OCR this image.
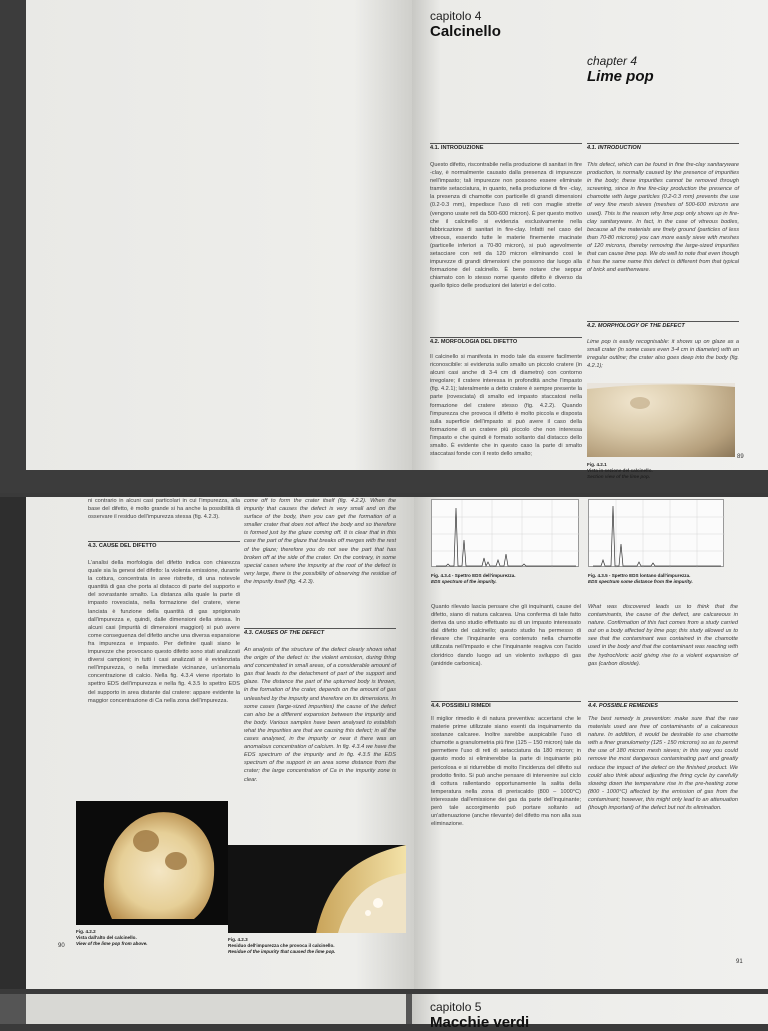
capitolo 4
Calcinello
chapter 4
Lime pop
4.1. INTRODUZIONE	4.1. INTRODUCTION
Questo difetto, riscontrabile nella produzione di sanitari in fire -clay, è normalmente causato dalla presenza di impurezze nell'impasto; tali impurezze non possono essere eliminate tramite setacciatura, in quanto, nella produzione di fire -clay, la presenza di chamotte con particelle di grandi dimensioni (0.2-0.3 mm), impedisce l'uso di reti con maglie strette (vengono usate reti da 500-600 micron). È per questo motivo che il calcinello si evidenzia esclusivamente nella fabbricazione di sanitari in fire-clay. Infatti nel caso del vitreous, essendo tutte le materie finemente macinate (particelle inferiori a 70-80 micron), si può agevolmente setacciare con reti da 120 micron eliminando così le impurezze di grandi dimensioni che possono dar luogo alla formazione del calcinello. È bene notare che seppur chiamato con lo stesso nome questo difetto è diverso da quello tipico delle produzioni dei laterizi e del cotto.
This defect, which can be found in fine fire-clay sanitaryware production, is normally caused by the presence of impurities in the body; these impurities cannot be removed through screening, since in fine fire-clay production the presence of chamotte with large particles (0.2-0.3 mm) prevents the use of very fine mesh sieves (meshes of 500-600 microns are used). This is the reason why lime pop only shows up in fire-clay sanitaryware. In fact, in the case of vitreous bodies, because all the materials are finely ground (particles of less than 70-80 microns) you can more easily sieve with meshes of 120 microns, thereby removing the large-sized impurities that can cause lime pop. We do well to note that even though it has the same name this defect is different from that typical of brick and earthenware.
4.2. MORFOLOGIA DEL DIFETTO
4.2. MORPHOLOGY OF THE DEFECT
Il calcinello si manifesta in modo tale da essere facilmente riconoscibile: si evidenzia sullo smalto un piccolo cratere (in alcuni casi anche di 3-4 cm di diametro) con contorno irregolare; il cratere interessa in profondità anche l'impasto (fig. 4.2.1); lateralmente a detto cratere è sempre presente la parte (rovesciata) di smalto ed impasto staccatosi nella formazione del cratere stesso (fig. 4.2.2). Quando l'impurezza che provoca il difetto è molto piccola e disposta sulla superficie dell'impasto si può avere il caso della formazione di un cratere più piccolo che non interessa l'impasto e che quindi è formato soltanto dal distacco dello smalto. È evidente che in questo caso la parte di smalto staccatasi fonde con il resto dello smalto;
Lime pop is easily recognisable: it shows up on glaze as a small crater (in some cases even 3-4 cm in diameter) with an irregular outline; the crater also goes deep into the body (fig. 4.2.1);
Fig. 4.2.1
Vista in sezione del calcinello.
Section view of the lime pop.
89
ni contrario in alcuni casi particolari in cui l'impurezza, alla base del difetto, è molto grande si ha anche la possibilità di osservare il residuo dell'impurezza stessa (fig. 4.2.3).
4.3. CAUSE DEL DIFETTO
L'analisi della morfologia del difetto indica con chiarezza quale sia la genesi del difetto: la violenta emissione, durante la cottura, concentrata in aree ristrette, di una notevole quantità di gas che porta al distacco di parte del supporto e del sovrastante smalto. La distanza alla quale la parte di impasto rovesciata, nella formazione del cratere, viene lanciata è funzione della quantità di gas sprigionato dall'impurezza e, quindi, dalle dimensioni della stessa. In alcuni casi (impurità di dimensioni maggiori) si può avere come conseguenza del difetto anche una diversa espansione fra impurezza e impasto. Per definire quali siano le impurezze che provocano questo difetto sono stati analizzati diversi campioni; in tutti i casi analizzati si è evidenziata nell'impurezza, o nella immediate vicinanze, un'anomala concentrazione di calcio. Nella fig. 4.3.4 viene riportato lo spettro EDS dell'impurezza e nella fig. 4.3.5 lo spettro EDS del supporto in area distante dal cratere: appare evidente la maggior concentrazione di Ca nella zona dell'impurezza.
come off to form the crater itself (fig. 4.2.2). When the impurity that causes the defect is very small and on the surface of the body, then you can get the formation of a smaller crater that does not affect the body and so therefore is formed just by the glaze coming off. It is clear that in this case the part of the glaze that breaks off merges with the rest of the glaze; therefore you do not see the part that has broken off at the side of the crater. On the contrary, in some special cases where the impurity at the root of the defect is very large, there is the possibility of observing the residue of the impurity itself (fig. 4.2.3).
4.3. CAUSES OF THE DEFECT
An analysis of the structure of the defect clearly shows what the origin of the defect is: the violent emission, during firing and concentrated in small areas, of a considerable amount of gas that leads to the detachment of part of the support and glaze. The distance the part of the upturned body is thrown, in the formation of the crater, depends on the amount of gas unleashed by the impurity and therefore on its dimensions. In some cases (large-sized impurities) the cause of the defect can also be a different expansion between the impurity and the body. Various samples have been analysed to establish what the impurities are that are causing this defect; in all the cases analysed, in the impurity or near it there was an anomalous concentration of calcium. In fig. 4.3.4 we have the EDS spectrum of the impurity and in fig. 4.3.5 the EDS spectrum of the support in an area some distance from the crater; the large concentration of Ca in the impurity zone is clear.
Fig. 4.2.2
Vista dall'alto del calcinello.
View of the lime pop from above.
Fig. 4.2.3
Residuo dell'impurezza che provoca il calcinello.
Residue of the impurity that caused the lime pop.
90
Fig. 4.3.4 - Spettro EDS dell'impurezza.
EDS spectrum of the impurity.
Fig. 4.3.5 - Spettro EDS lontano dall'impurezza.
EDS spectrum some distance from the impurity.
Quanto rilevato lascia pensare che gli inquinanti, cause del difetto, siano di natura calcarea. Una conferma di tale fatto deriva da uno studio effettuato su di un impasto interessato dal difetto del calcinello; questo studio ha permesso di rilevare che l'inquinante era contenuto nella chamotte utilizzata nell'impasto e che l'inquinante reagiva con l'acido cloridrico dando luogo ad un violento sviluppo di gas (anidride carbonica).
What was discovered leads us to think that the contaminants, the cause of the defect, are calcareous in nature. Confirmation of this fact comes from a study carried out on a body affected by lime pop; this study allowed us to see that the contaminant was contained in the chamotte used in the body and that the contaminant was reacting with the hydrochloric acid giving rise to a violent expansion of gas (carbon dioxide).
4.4. POSSIBILI RIMEDI	4.4. POSSIBLE REMEDIES
Il miglior rimedio è di natura preventiva: accertarsi che le materie prime utilizzate siano esenti da inquinamento da sostanze calcaree. Inoltre sarebbe auspicabile l'uso di chamotte a granulometria più fine (125 – 150 micron) tale da permettere l'uso di reti di setacciatura da 180 micron; in questo modo si eliminerebbe la parte di inquinante più pericolosa e si ridurrebbe di molto l'incidenza del difetto sul prodotto finito. Si può anche pensare di intervenire sul ciclo di cottura rallentando opportunamente la salita della temperatura nella zona di preriscaldo (800 – 1000°C) interessate dall'emissione dei gas da parte dell'inquinante; però tale accorgimento può portare soltanto ad un'attenuazione (anche rilevante) del difetto ma non alla sua eliminazione.
The best remedy is prevention: make sure that the raw materials used are free of contaminants of a calcareous nature. In addition, it would be desirable to use chamotte with a finer granulometry (125 - 150 microns) so as to permit the use of 180 micron mesh sieves; in this way you could remove the most dangerous contaminating part and greatly reduce the impact of the defect on the finished product. We could also think about adjusting the firing cycle by carefully slowing down the temperature rise in the pre-heating zone (800 - 1000°C) affected by the emission of gas from the contaminant; however, this might only lead to an attenuation (though important) of the defect but not its elimination.
91
capitolo 5
Macchie verdi
